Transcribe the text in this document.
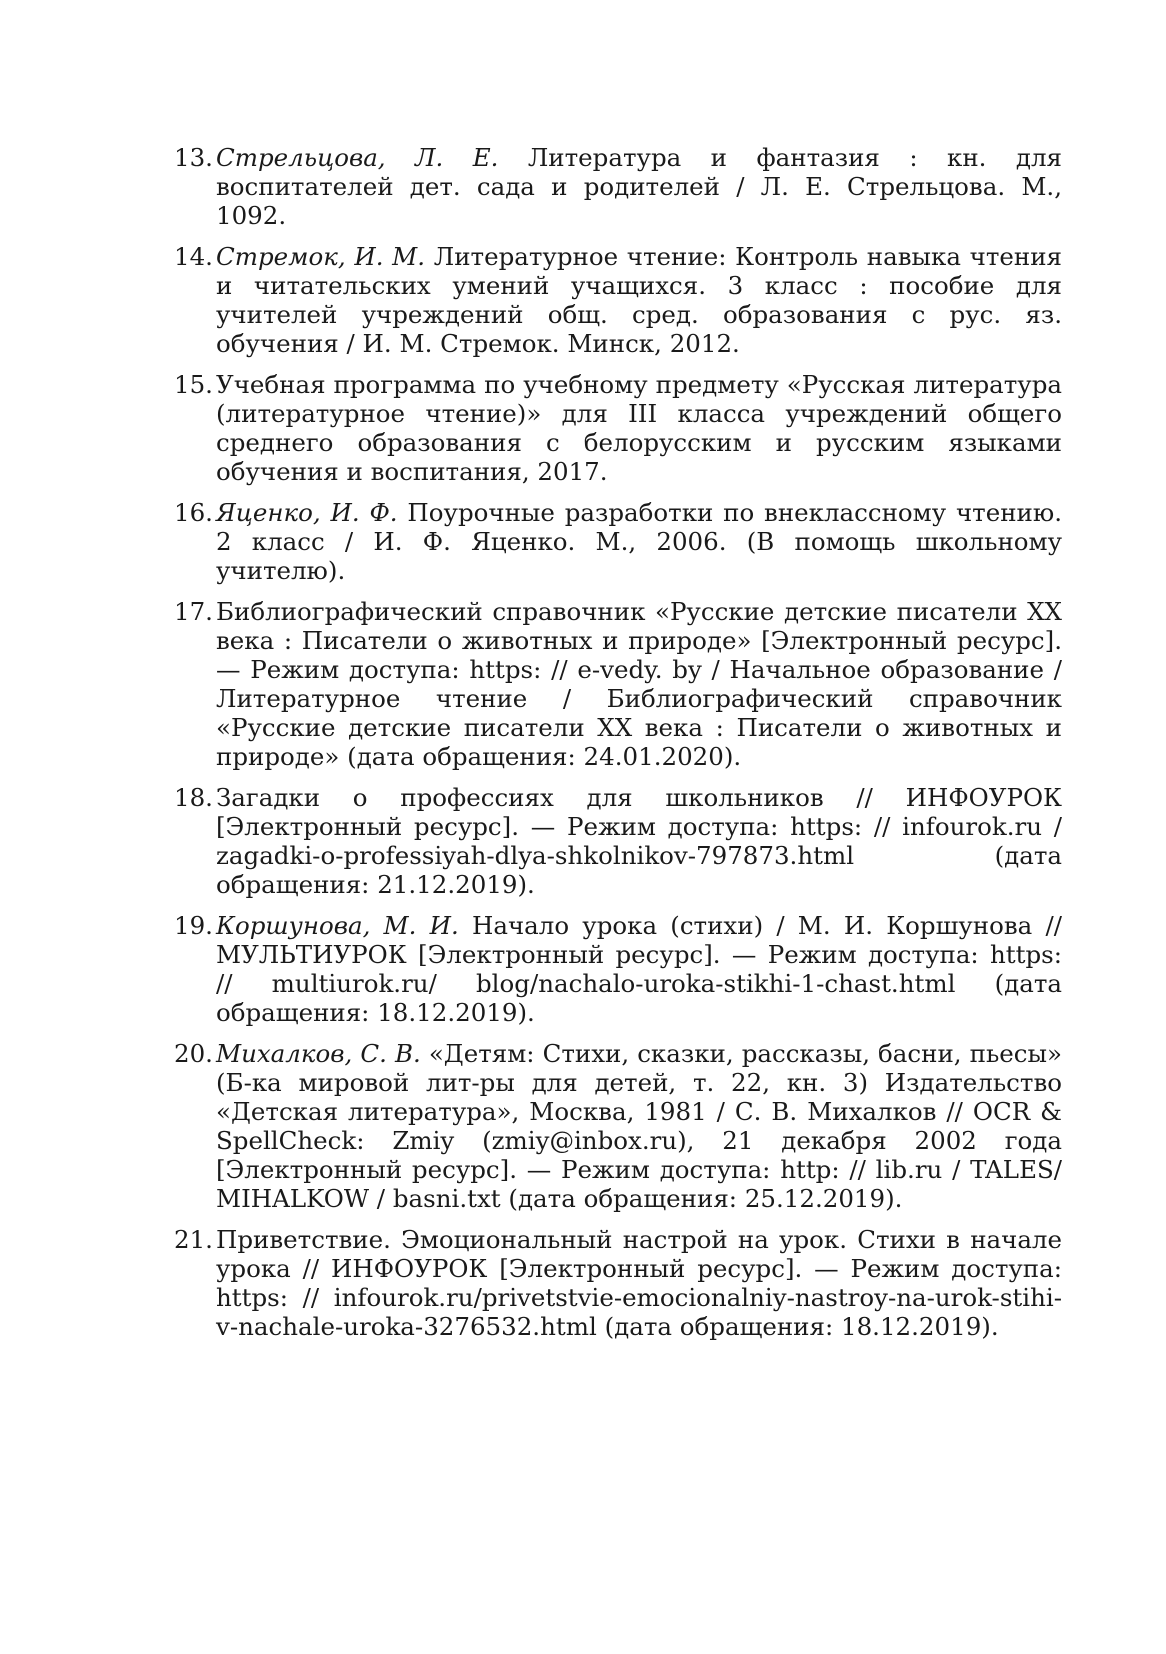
13. Стрельцова, Л. Е. Литература и фантазия : кн. для воспитателей дет. сада и родителей / Л. Е. Стрельцова. М., 1092.
14. Стремок, И. М. Литературное чтение: Контроль навыка чтения и читательских умений учащихся. 3 класс : пособие для учителей учреждений общ. сред. образования с рус. яз. обучения / И. М. Стремок. Минск, 2012.
15. Учебная программа по учебному предмету «Русская литература (литературное чтение)» для III класса учреждений общего среднего образования с белорусским и русским языками обучения и воспитания, 2017.
16. Яценко, И. Ф. Поурочные разработки по внеклассному чтению. 2 класс / И. Ф. Яценко. М., 2006. (В помощь школьному учителю).
17. Библиографический справочник «Русские детские писатели XX века : Писатели о животных и природе» [Электронный ресурс]. — Режим доступа: https: // e-vedy. by / Начальное образование / Литературное чтение / Библиографический справочник «Русские детские писатели XX века : Писатели о животных и природе» (дата обращения: 24.01.2020).
18. Загадки о профессиях для школьников // ИНФОУРОК [Электронный ресурс]. — Режим доступа: https: // infourok.ru / zagadki-o-professiyah-dlya-shkolnikov-797873.html (дата обращения: 21.12.2019).
19. Коршунова, М. И. Начало урока (стихи) / М. И. Коршунова // МУЛЬТИУРОК [Электронный ресурс]. — Режим доступа: https: // multiurok.ru/ blog/nachalo-uroka-stikhi-1-chast.html (дата обращения: 18.12.2019).
20. Михалков, С. В. «Детям: Стихи, сказки, рассказы, басни, пьесы» (Б-ка мировой лит-ры для детей, т. 22, кн. 3) Издательство «Детская литература», Москва, 1981 / С. В. Михалков // OCR & SpellCheck: Zmiy (zmiy@inbox.ru), 21 декабря 2002 года [Электронный ресурс]. — Режим доступа: http: // lib.ru / TALES/ MIHALKOW / basni.txt (дата обращения: 25.12.2019).
21. Приветствие. Эмоциональный настрой на урок. Стихи в начале урока // ИНФОУРОК [Электронный ресурс]. — Режим доступа: https: // infourok.ru/privetstvie-emocionalniy-nastroy-na-urok-stihi-v-nachale-uroka-3276532.html (дата обращения: 18.12.2019).
